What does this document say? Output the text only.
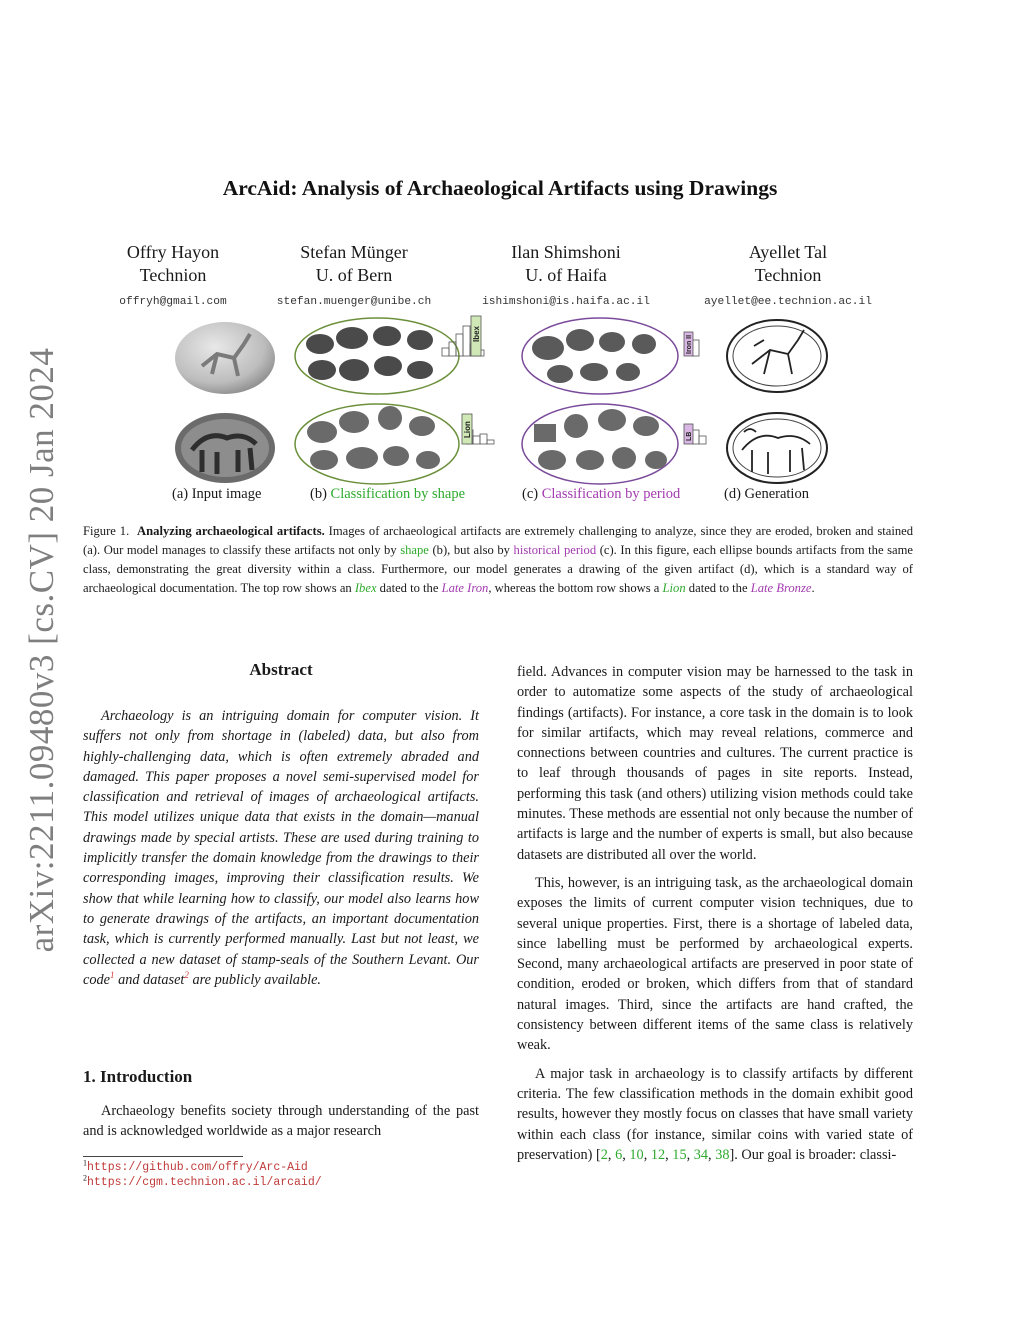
arXiv:2211.09480v3 [cs.CV] 20 Jan 2024
ArcAid: Analysis of Archaeological Artifacts using Drawings
Offry Hayon
Technion
offryh@gmail.com
Stefan Münger
U. of Bern
stefan.muenger@unibe.ch
Ilan Shimshoni
U. of Haifa
ishimshoni@is.haifa.ac.il
Ayellet Tal
Technion
ayellet@ee.technion.ac.il
Ibex
Lion
Iron II
LB
(a) Input image	(b) Classification by shape	(c) Classification by period	(d) Generation
Figure 1. Analyzing archaeological artifacts. Images of archaeological artifacts are extremely challenging to analyze, since they are eroded, broken and stained (a). Our model manages to classify these artifacts not only by shape (b), but also by historical period (c). In this figure, each ellipse bounds artifacts from the same class, demonstrating the great diversity within a class. Furthermore, our model generates a drawing of the given artifact (d), which is a standard way of archaeological documentation. The top row shows an Ibex dated to the Late Iron, whereas the bottom row shows a Lion dated to the Late Bronze.
Abstract

Archaeology is an intriguing domain for computer vision. It suffers not only from shortage in (labeled) data, but also from highly-challenging data, which is often extremely abraded and damaged. This paper proposes a novel semi-supervised model for classification and retrieval of images of archaeological artifacts. This model utilizes unique data that exists in the domain—manual drawings made by special artists. These are used during training to implicitly transfer the domain knowledge from the drawings to their corresponding images, improving their classification results. We show that while learning how to classify, our model also learns how to generate drawings of the artifacts, an important documentation task, which is currently performed manually. Last but not least, we collected a new dataset of stamp-seals of the Southern Levant. Our code$^1$ and dataset$^2$ are publicly available.

1. Introduction

Archaeology benefits society through understanding of the past and is acknowledged worldwide as a major research

$^1$https://github.com/offry/Arc-Aid
$^2$https://cgm.technion.ac.il/arcaid/

field. Advances in computer vision may be harnessed to the task in order to automatize some aspects of the study of archaeological findings (artifacts). For instance, a core task in the domain is to look for similar artifacts, which may reveal relations, commerce and connections between countries and cultures. The current practice is to leaf through thousands of pages in site reports. Instead, performing this task (and others) utilizing vision methods could take minutes. These methods are essential not only because the number of artifacts is large and the number of experts is small, but also because datasets are distributed all over the world.

This, however, is an intriguing task, as the archaeological domain exposes the limits of current computer vision techniques, due to several unique properties. First, there is a shortage of labeled data, since labelling must be performed by archaeological experts. Second, many archaeological artifacts are preserved in poor state of condition, eroded or broken, which differs from that of standard natural images. Third, since the artifacts are hand crafted, the consistency between different items of the same class is relatively weak.

A major task in archaeology is to classify artifacts by different criteria. The few classification methods in the domain exhibit good results, however they mostly focus on classes that have small variety within each class (for instance, similar coins with varied state of preservation) [2, 6, 10, 12, 15, 34, 38]. Our goal is broader: classi-
